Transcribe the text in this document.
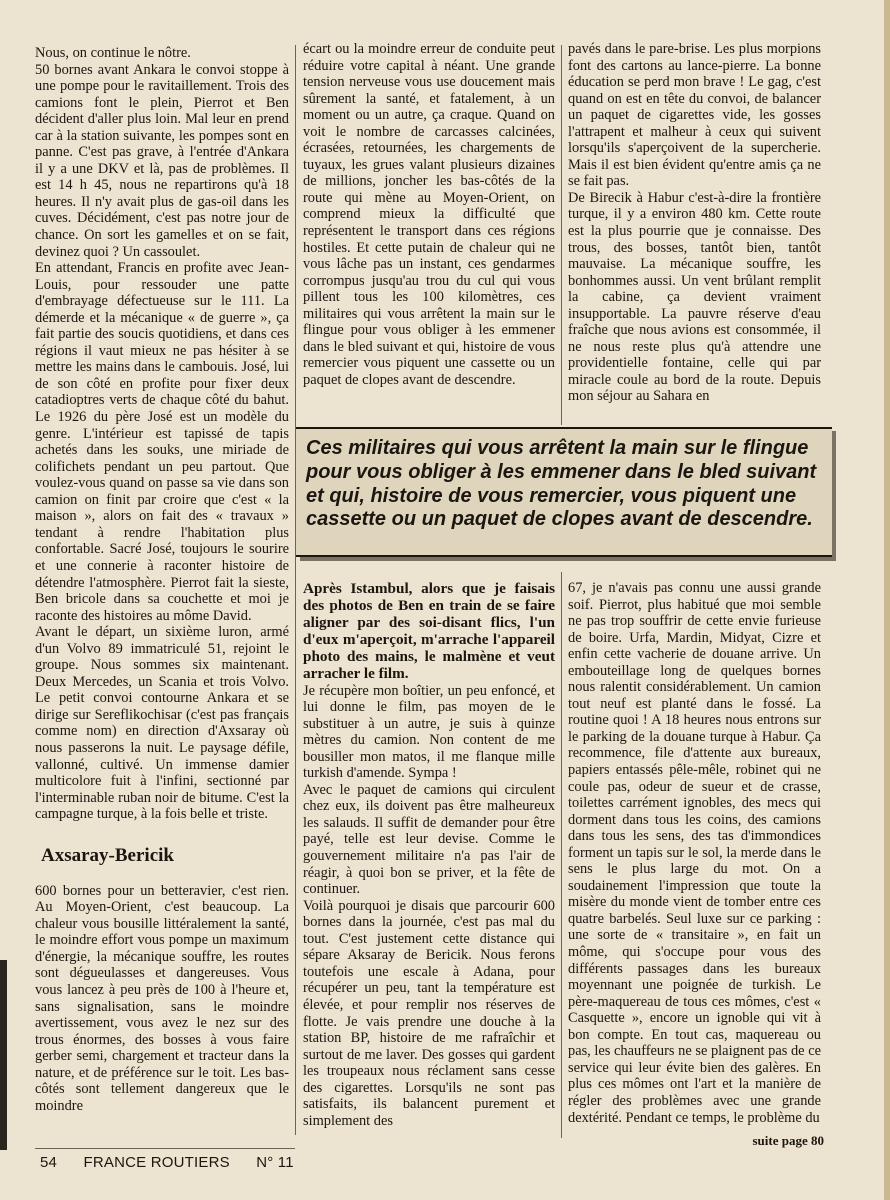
Nous, on continue le nôtre.

50 bornes avant Ankara le convoi stoppe à une pompe pour le ravitaillement. Trois des camions font le plein, Pierrot et Ben décident d'aller plus loin. Mal leur en prend car à la station suivante, les pompes sont en panne. C'est pas grave, à l'entrée d'Ankara il y a une DKV et là, pas de problèmes. Il est 14 h 45, nous ne repartirons qu'à 18 heures. Il n'y avait plus de gas-oil dans les cuves. Décidément, c'est pas notre jour de chance. On sort les gamelles et on se fait, devinez quoi ? Un cassoulet.

En attendant, Francis en profite avec Jean-Louis, pour ressouder une patte d'embrayage défectueuse sur le 111. La démerde et la mécanique « de guerre », ça fait partie des soucis quotidiens, et dans ces régions il vaut mieux ne pas hésiter à se mettre les mains dans le cambouis. José, lui de son côté en profite pour fixer deux catadioptres verts de chaque côté du bahut. Le 1926 du père José est un modèle du genre. L'intérieur est tapissé de tapis achetés dans les souks, une miriade de colifichets pendant un peu partout. Que voulez-vous quand on passe sa vie dans son camion on finit par croire que c'est « la maison », alors on fait des « travaux » tendant à rendre l'habitation plus confortable. Sacré José, toujours le sourire et une connerie à raconter histoire de détendre l'atmosphère. Pierrot fait la sieste, Ben bricole dans sa couchette et moi je raconte des histoires au môme David.

Avant le départ, un sixième luron, armé d'un Volvo 89 immatriculé 51, rejoint le groupe. Nous sommes six maintenant. Deux Mercedes, un Scania et trois Volvo. Le petit convoi contourne Ankara et se dirige sur Sereflikochisar (c'est pas français comme nom) en direction d'Axsaray où nous passerons la nuit. Le paysage défile, vallonné, cultivé. Un immense damier multicolore fuit à l'infini, sectionné par l'interminable ruban noir de bitume. C'est la campagne turque, à la fois belle et triste.

Axsaray-Bericik

600 bornes pour un betteravier, c'est rien. Au Moyen-Orient, c'est beaucoup. La chaleur vous bousille littéralement la santé, le moindre effort vous pompe un maximum d'énergie, la mécanique souffre, les routes sont dégueulasses et dangereuses. Vous vous lancez à peu près de 100 à l'heure et, sans signalisation, sans le moindre avertissement, vous avez le nez sur des trous énormes, des bosses à vous faire gerber semi, chargement et tracteur dans la nature, et de préférence sur le toit. Les bas-côtés sont tellement dangereux que le moindre

écart ou la moindre erreur de conduite peut réduire votre capital à néant. Une grande tension nerveuse vous use doucement mais sûrement la santé, et fatalement, à un moment ou un autre, ça craque. Quand on voit le nombre de carcasses calcinées, écrasées, retournées, les chargements de tuyaux, les grues valant plusieurs dizaines de millions, joncher les bas-côtés de la route qui mène au Moyen-Orient, on comprend mieux la difficulté que représentent le transport dans ces régions hostiles. Et cette putain de chaleur qui ne vous lâche pas un instant, ces gendarmes corrompus jusqu'au trou du cul qui vous pillent tous les 100 kilomètres, ces militaires qui vous arrêtent la main sur le flingue pour vous obliger à les emmener dans le bled suivant et qui, histoire de vous remercier vous piquent une cassette ou un paquet de clopes avant de descendre.

pavés dans le pare-brise. Les plus morpions font des cartons au lance-pierre. La bonne éducation se perd mon brave ! Le gag, c'est quand on est en tête du convoi, de balancer un paquet de cigarettes vide, les gosses l'attrapent et malheur à ceux qui suivent lorsqu'ils s'aperçoivent de la supercherie. Mais il est bien évident qu'entre amis ça ne se fait pas.

De Birecik à Habur c'est-à-dire la frontière turque, il y a environ 480 km. Cette route est la plus pourrie que je connaisse. Des trous, des bosses, tantôt bien, tantôt mauvaise. La mécanique souffre, les bonhommes aussi. Un vent brûlant remplit la cabine, ça devient vraiment insupportable. La pauvre réserve d'eau fraîche que nous avions est consommée, il ne nous reste plus qu'à attendre une providentielle fontaine, celle qui par miracle coule au bord de la route. Depuis mon séjour au Sahara en

Ces militaires qui vous arrêtent la main sur le flingue pour vous obliger à les emmener dans le bled suivant et qui, histoire de vous remercier, vous piquent une cassette ou un paquet de clopes avant de descendre.

Après Istambul, alors que je faisais des photos de Ben en train de se faire aligner par des soi-disant flics, l'un d'eux m'aperçoit, m'arrache l'appareil photo des mains, le malmène et veut arracher le film.

Je récupère mon boîtier, un peu enfoncé, et lui donne le film, pas moyen de le substituer à un autre, je suis à quinze mètres du camion. Non content de me bousiller mon matos, il me flanque mille turkish d'amende. Sympa !

Avec le paquet de camions qui circulent chez eux, ils doivent pas être malheureux les salauds. Il suffit de demander pour être payé, telle est leur devise. Comme le gouvernement militaire n'a pas l'air de réagir, à quoi bon se priver, et la fête de continuer.

Voilà pourquoi je disais que parcourir 600 bornes dans la journée, c'est pas mal du tout. C'est justement cette distance qui sépare Aksaray de Bericik. Nous ferons toutefois une escale à Adana, pour récupérer un peu, tant la température est élevée, et pour remplir nos réserves de flotte. Je vais prendre une douche à la station BP, histoire de me rafraîchir et surtout de me laver. Des gosses qui gardent les troupeaux nous réclament sans cesse des cigarettes. Lorsqu'ils ne sont pas satisfaits, ils balancent purement et simplement des

67, je n'avais pas connu une aussi grande soif. Pierrot, plus habitué que moi semble ne pas trop souffrir de cette envie furieuse de boire. Urfa, Mardin, Midyat, Cizre et enfin cette vacherie de douane arrive. Un embouteillage long de quelques bornes nous ralentit considérablement. Un camion tout neuf est planté dans le fossé. La routine quoi ! A 18 heures nous entrons sur le parking de la douane turque à Habur. Ça recommence, file d'attente aux bureaux, papiers entassés pêle-mêle, robinet qui ne coule pas, odeur de sueur et de crasse, toilettes carrément ignobles, des mecs qui dorment dans tous les coins, des camions dans tous les sens, des tas d'immondices forment un tapis sur le sol, la merde dans le sens le plus large du mot. On a soudainement l'impression que toute la misère du monde vient de tomber entre ces quatre barbelés. Seul luxe sur ce parking : une sorte de « transitaire », en fait un môme, qui s'occupe pour vous des différents passages dans les bureaux moyennant une poignée de turkish. Le père-maquereau de tous ces mômes, c'est « Casquette », encore un ignoble qui vit à bon compte. En tout cas, maquereau ou pas, les chauffeurs ne se plaignent pas de ce service qui leur évite bien des galères. En plus ces mômes ont l'art et la manière de régler des problèmes avec une grande dextérité. Pendant ce temps, le problème du

suite page 80
54 FRANCE ROUTIERS N° 11
